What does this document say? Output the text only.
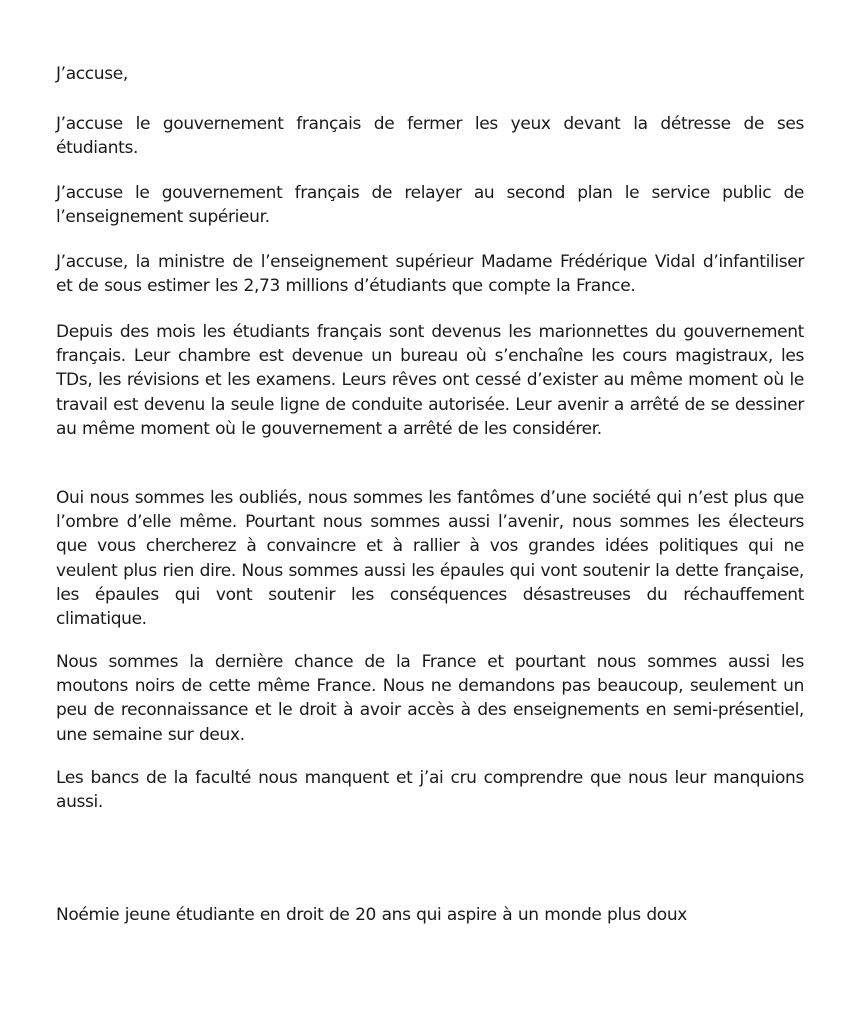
J’accuse,

J’accuse le gouvernement français de fermer les yeux devant la détresse de ses étudiants.

J’accuse le gouvernement français de relayer au second plan le service public de l’enseignement supérieur.

J’accuse, la ministre de l’enseignement supérieur Madame Frédérique Vidal d’infantiliser et de sous estimer les 2,73 millions d’étudiants que compte la France.

Depuis des mois les étudiants français sont devenus les marionnettes du gouvernement français. Leur chambre est devenue un bureau où s’enchaîne les cours magistraux, les TDs, les révisions et les examens. Leurs rêves ont cessé d’exister au même moment où le travail est devenu la seule ligne de conduite autorisée. Leur avenir a arrêté de se dessiner au même moment où le gouvernement a arrêté de les considérer.

Oui nous sommes les oubliés, nous sommes les fantômes d’une société qui n’est plus que l’ombre d’elle même. Pourtant nous sommes aussi l’avenir, nous sommes les électeurs que vous chercherez à convaincre et à rallier à vos grandes idées politiques qui ne veulent plus rien dire. Nous sommes aussi les épaules qui vont soutenir la dette française, les épaules qui vont soutenir les conséquences désastreuses du réchauffement climatique.

Nous sommes la dernière chance de la France et pourtant nous sommes aussi les moutons noirs de cette même France. Nous ne demandons pas beaucoup, seulement un peu de reconnaissance et le droit à avoir accès à des enseignements en semi-présentiel, une semaine sur deux.

Les bancs de la faculté nous manquent et j’ai cru comprendre que nous leur manquions aussi.

Noémie jeune étudiante en droit de 20 ans qui aspire à un monde plus doux
